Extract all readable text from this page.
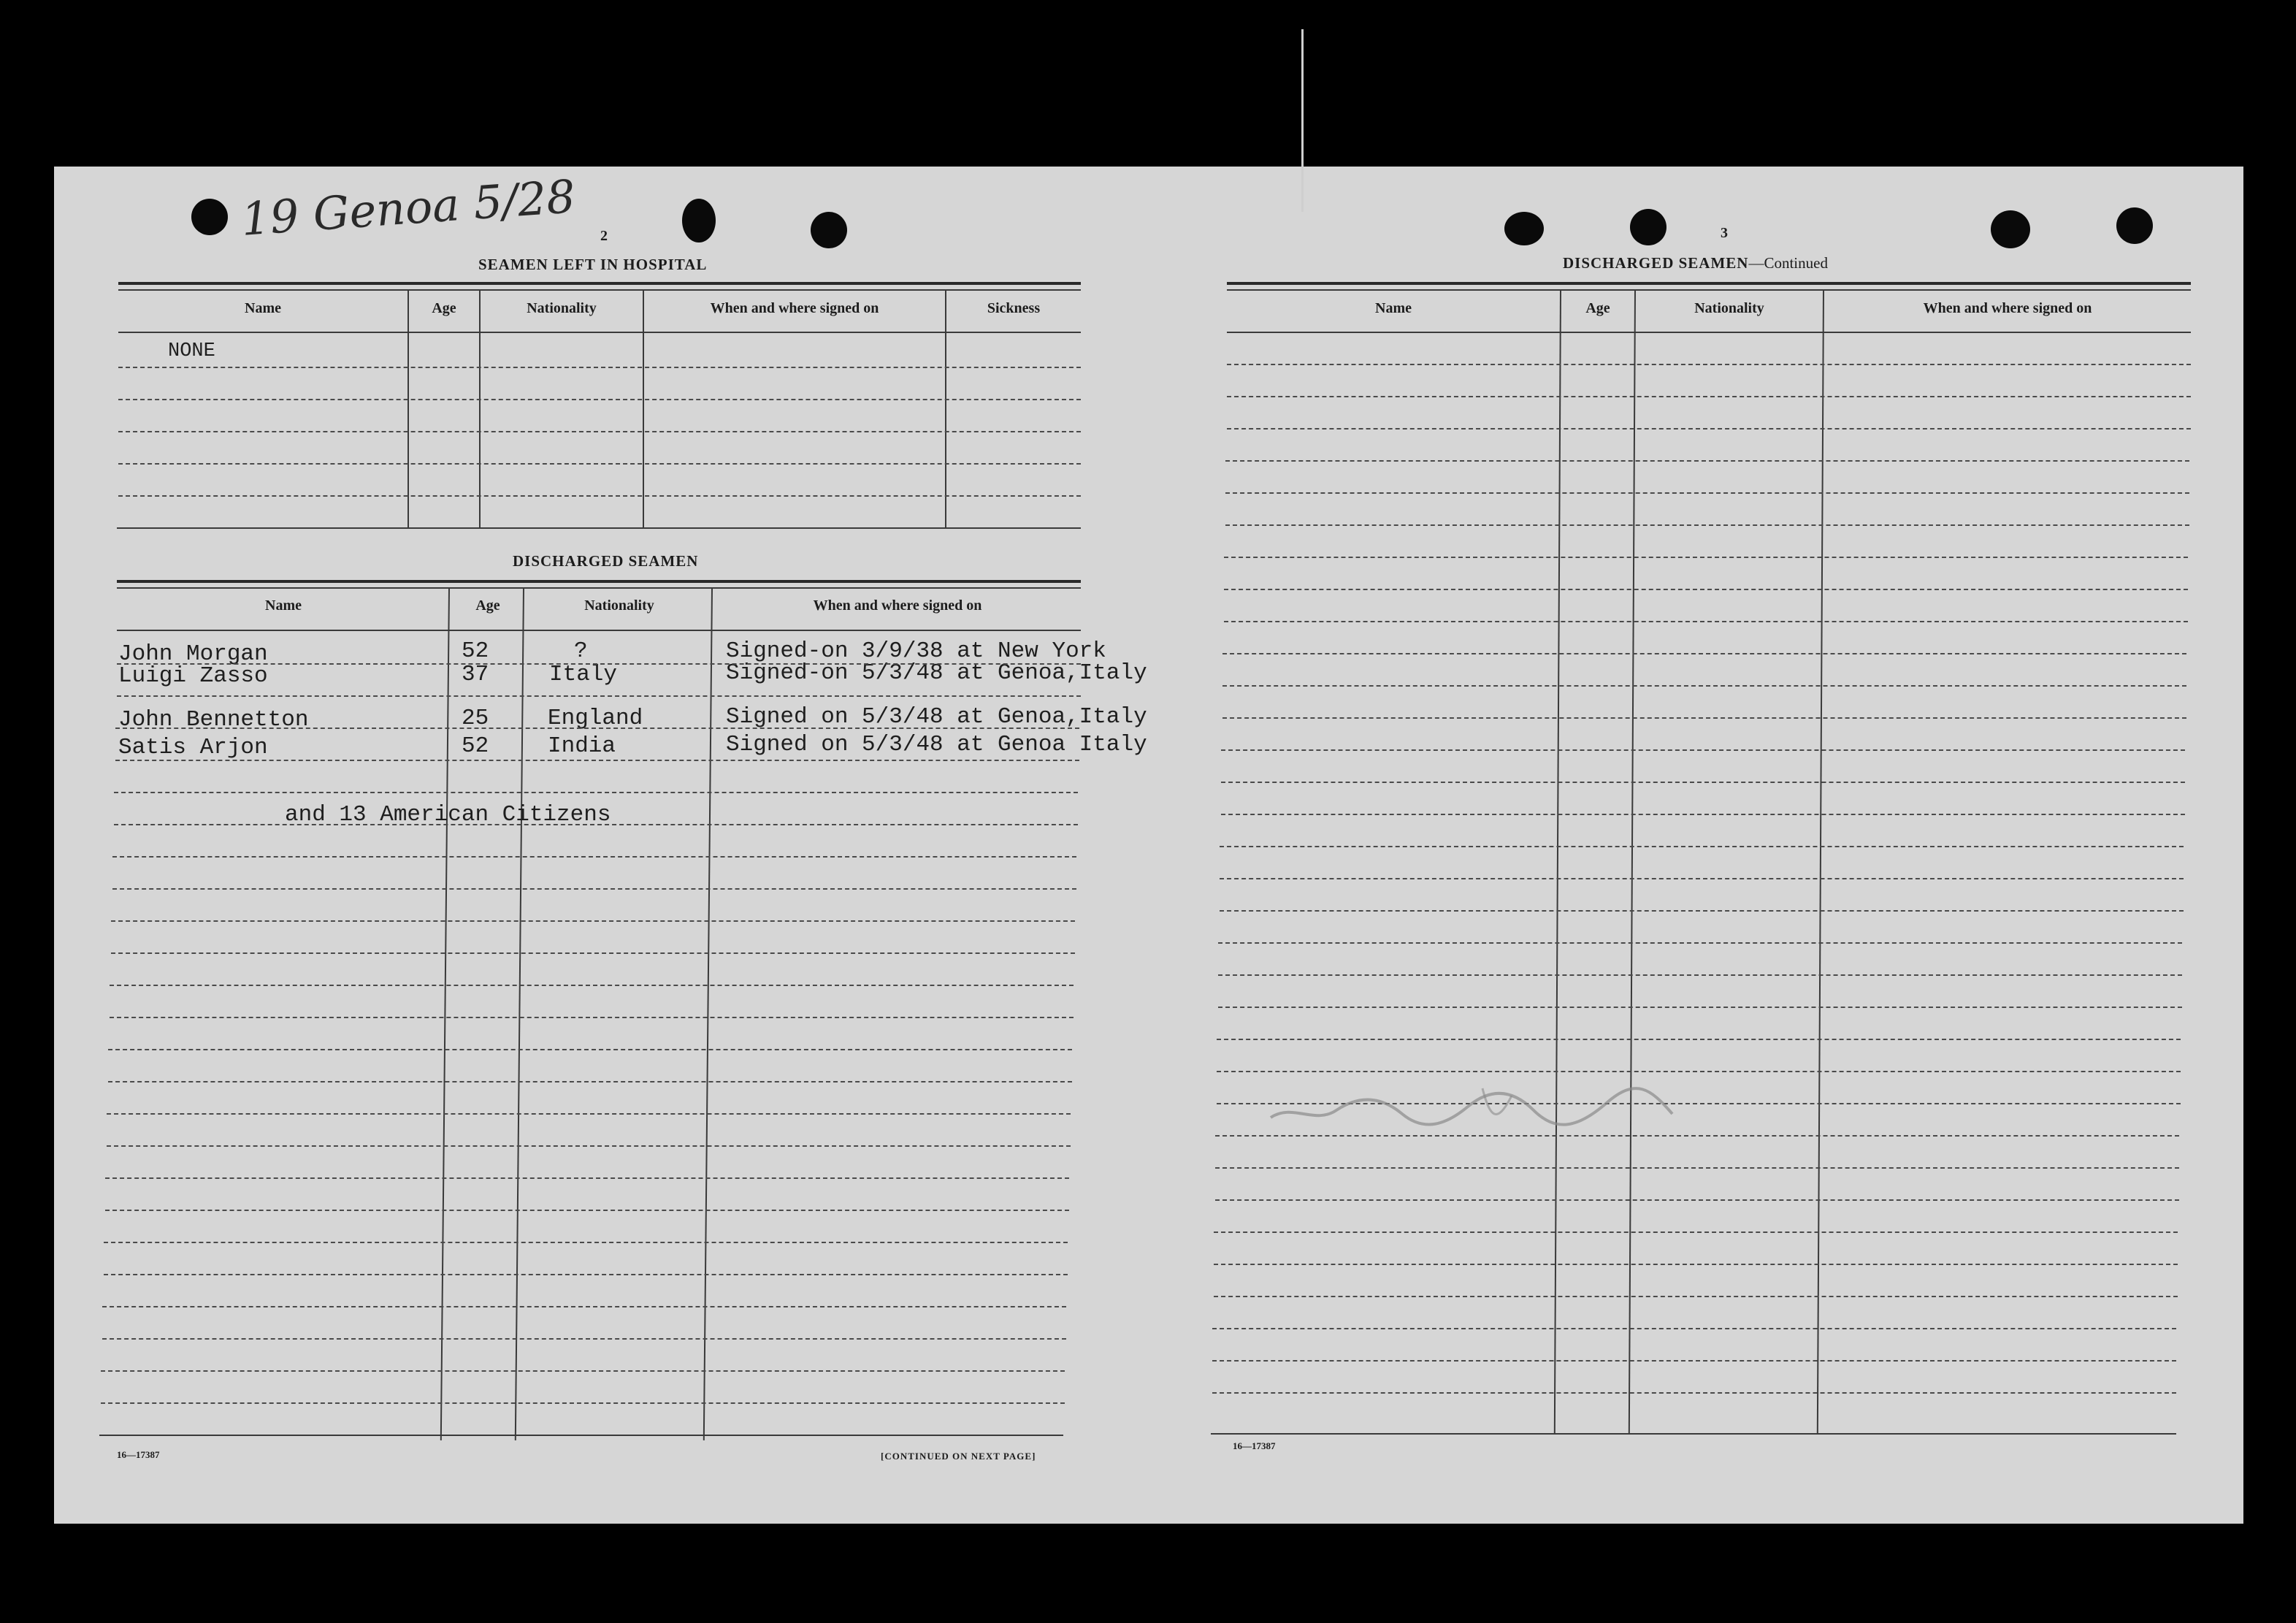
19 Genoa 5/28 2
SEAMEN LEFT IN HOSPITAL
Name	Age	Nationality	When and where signed on	Sickness
NONE
DISCHARGED SEAMEN
Name	Age	Nationality	When and where signed on
John Morgan	52	?	Signed-on 3/9/38 at New York
Luigi Zasso	37	Italy	Signed-on 5/3/48 at Genoa,Italy
John Bennetton	25	England	Signed on 5/3/48 at Genoa,Italy
Satis Arjon	52	India	Signed on 5/3/48 at Genoa Italy
and 13 American Citizens
16—17387	[CONTINUED ON NEXT PAGE]
3
DISCHARGED SEAMEN—Continued
Name	Age	Nationality	When and where signed on
16—17387
